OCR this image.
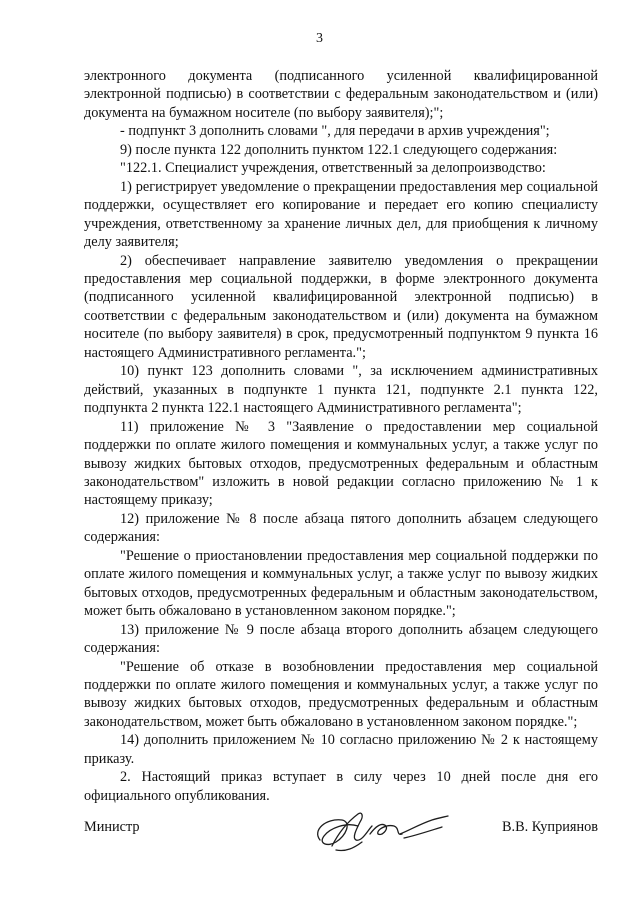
3

электронного документа (подписанного усиленной квалифицированной электронной подписью) в соответствии с федеральным законодательством и (или) документа на бумажном носителе (по выбору заявителя);";

- подпункт 3 дополнить словами ", для передачи в архив учреждения";

9) после пункта 122 дополнить пунктом 122.1 следующего содержания:

"122.1. Специалист учреждения, ответственный за делопроизводство:

1) регистрирует уведомление о прекращении предоставления мер социальной поддержки, осуществляет его копирование и передает его копию специалисту учреждения, ответственному за хранение личных дел, для приобщения к личному делу заявителя;

2) обеспечивает направление заявителю уведомления о прекращении предоставления мер социальной поддержки, в форме электронного документа (подписанного усиленной квалифицированной электронной подписью) в соответствии с федеральным законодательством и (или) документа на бумажном носителе (по выбору заявителя) в срок, предусмотренный подпунктом 9 пункта 16 настоящего Административного регламента.";

10) пункт 123 дополнить словами ", за исключением административных действий, указанных в подпункте 1 пункта 121, подпункте 2.1 пункта 122, подпункта 2 пункта 122.1 настоящего Административного регламента";

11) приложение № 3 "Заявление о предоставлении мер социальной поддержки по оплате жилого помещения и коммунальных услуг, а также услуг по вывозу жидких бытовых отходов, предусмотренных федеральным и областным законодательством" изложить в новой редакции согласно приложению № 1 к настоящему приказу;

12) приложение № 8 после абзаца пятого дополнить абзацем следующего содержания:

"Решение о приостановлении предоставления мер социальной поддержки по оплате жилого помещения и коммунальных услуг, а также услуг по вывозу жидких бытовых отходов, предусмотренных федеральным и областным законодательством, может быть обжаловано в установленном законом порядке.";

13) приложение № 9 после абзаца второго дополнить абзацем следующего содержания:

"Решение об отказе в возобновлении предоставления мер социальной поддержки по оплате жилого помещения и коммунальных услуг, а также услуг по вывозу жидких бытовых отходов, предусмотренных федеральным и областным законодательством, может быть обжаловано в установленном законом порядке.";

14) дополнить приложением № 10 согласно приложению № 2 к настоящему приказу.

2. Настоящий приказ вступает в силу через 10 дней после дня его официального опубликования.

Министр	В.В. Куприянов
